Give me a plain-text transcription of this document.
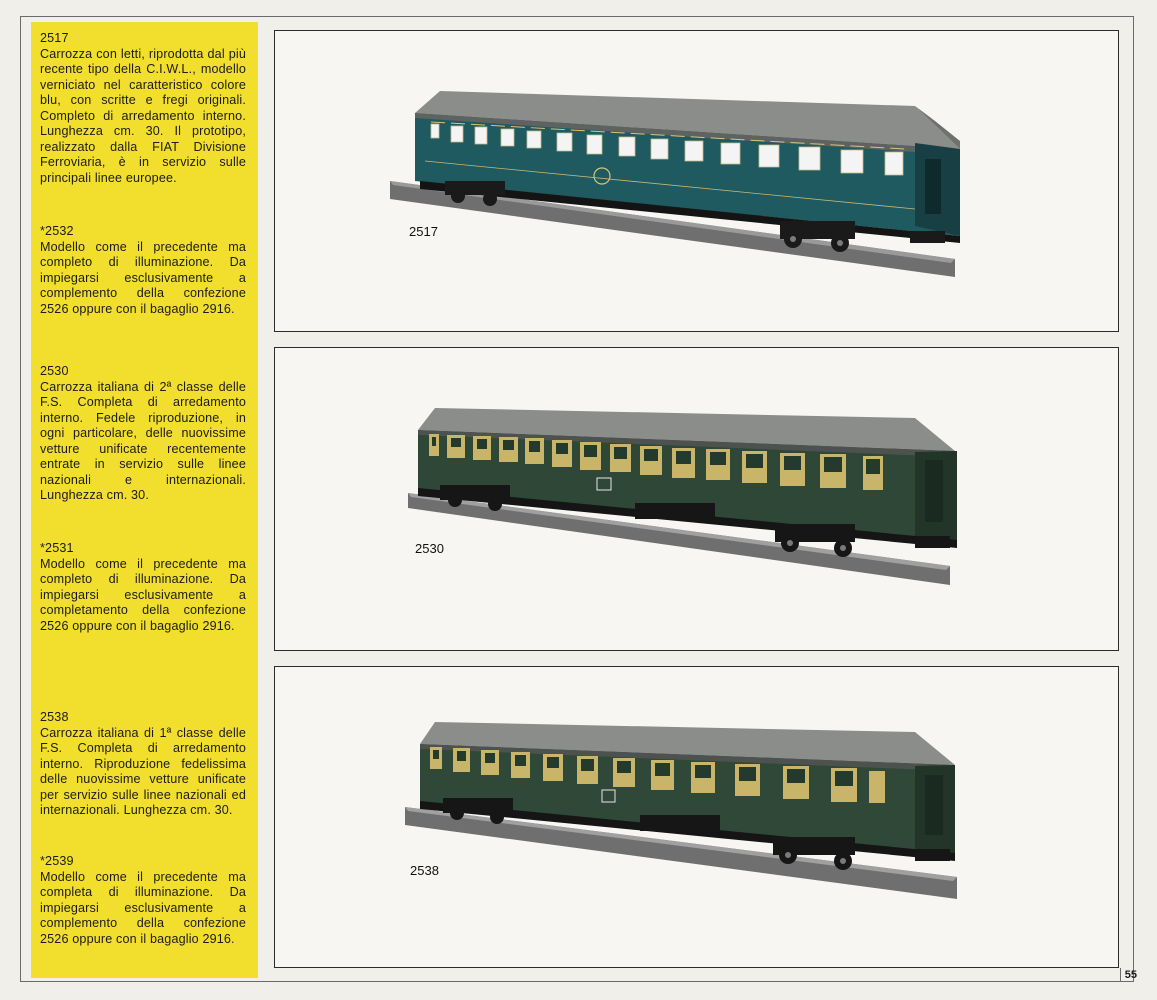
2517
Carrozza con letti, riprodotta dal più recente tipo della C.I.W.L., modello verniciato nel caratteristico colore blu, con scritte e fregi originali. Completo di arredamento interno. Lunghezza cm. 30. Il prototipo, realizzato dalla FIAT Divisione Ferroviaria, è in servizio sulle principali linee europee.
*2532
Modello come il precedente ma completo di illuminazione. Da impiegarsi esclusivamente a complemento della confezione 2526 oppure con il bagaglio 2916.
2530
Carrozza italiana di 2ª classe delle F.S. Completa di arredamento interno. Fedele riproduzione, in ogni particolare, delle nuovissime vetture unificate recentemente entrate in servizio sulle linee nazionali e internazionali. Lunghezza cm. 30.
*2531
Modello come il precedente ma completo di illuminazione. Da impiegarsi esclusivamente a completamento della confezione 2526 oppure con il bagaglio 2916.
2538
Carrozza italiana di 1ª classe delle F.S. Completa di arredamento interno. Riproduzione fedelissima delle nuovissime vetture unificate per servizio sulle linee nazionali ed internazionali. Lunghezza cm. 30.
*2539
Modello come il precedente ma completa di illuminazione. Da impiegarsi esclusivamente a complemento della confezione 2526 oppure con il bagaglio 2916.
2517
2530
2538
55
